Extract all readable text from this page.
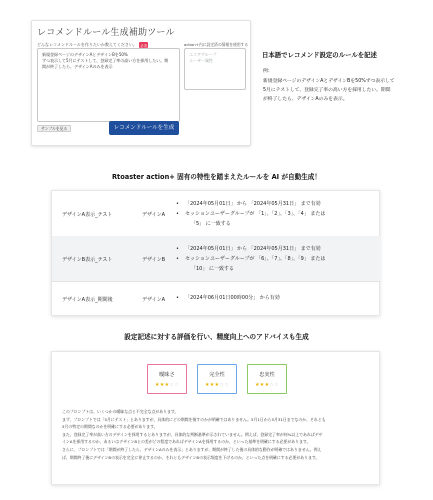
レコメンドルール生成補助ツール
どんなレコメンドルールを作りたいか教えてください。 必須
新規登録ページのデザインAとデザインBを50%
ずつ表示して5月にテストして、登録完了率の高い方を採用したい。期
間が終了したら、デザインAのみを表示
action+内に設定済の情報を使用する
ユコアグループ
ユーザー属性
サンプルを見る	レコメンドルールを生成
日本語でレコメンド設定のルールを記述
例：
新規登録ページのデザインAとデザインBを50%ずつ表示して5月にテストして、登録完了率の高い方を採用したい。期間が終了したら、デザインAのみを表示。
Rtoaster action+ 固有の特性を踏まえたルールを AI が自動生成！
デザインA表示_テスト	デザインA
• 「2024年05月01日」 から 「2024年05月31日」 まで有効
• セッションユーザーグループが 「1」、「2」、「3」、「4」 または
「5」 に一致する
デザインB表示_テスト	デザインB
• 「2024年05月01日」 から 「2024年05月31日」 まで有効
• セッションユーザーグループが 「6」、「7」、「8」、「9」 または
「10」 に一致する
デザインA表示_期間後	デザインA • 「2024年06月01日00時00分」 から有効
設定記述に対する評価を行い、精度向上へのアドバイスも生成
曖昧さ
★★★☆☆
完全性
★★★☆☆
忠実性
★★★☆☆
このプロンプトは、いくつかの曖昧な点と不完全な点があります。
まず、プロンプトでは「5月にテスト」とありますが、具体的にどの期間を指すのかが明確ではありません。5月1日から5月31日までなのか、それとも
5月の特定の期間なのかを明確にする必要があります。
また、登録完了率が高い方のデザインを採用するとありますが、具体的な判断基準が示されていません。例えば、登録完了率が何%以上であればデザ
インAを採用するのか、あるいはデザインBとの差がどの程度であればデザインAを採用するのか、といった基準を明確にする必要があります。
さらに、プロンプトでは「期間が終了したら、デザインAのみを表示」とありますが、期間が終了した後の具体的な動作が明確ではありません。例え
ば、期間終了後にデザインBの表示を完全に停止するのか、それともデザインBの表示頻度を下げるのか、といった点を明確にする必要があります。
